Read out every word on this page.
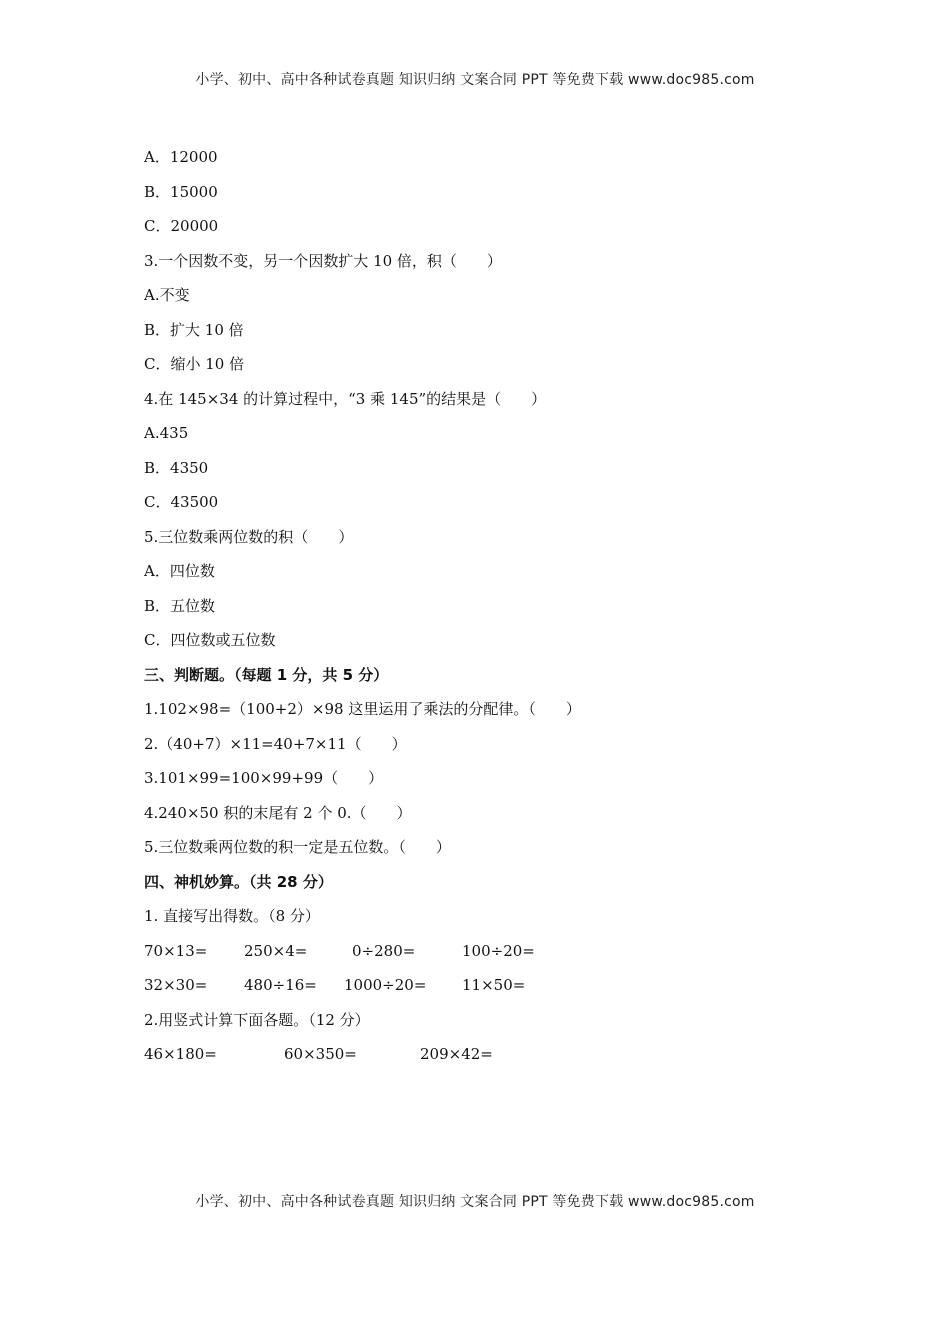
小学、初中、高中各种试卷真题 知识归纳 文案合同 PPT 等免费下载 www.doc985.com
A．12000
B．15000
C．20000
3.一个因数不变，另一个因数扩大 10 倍，积（　　）
A.不变
B．扩大 10 倍
C．缩小 10 倍
4.在 145×34 的计算过程中，“3 乘 145”的结果是（　　）
A.435
B．4350
C．43500
5.三位数乘两位数的积（　　）
A．四位数
B．五位数
C．四位数或五位数
三、判断题。（每题 1 分，共 5 分）
1.102×98=（100+2）×98 这里运用了乘法的分配律。（　　）
2.（40+7）×11=40+7×11（　　）
3.101×99=100×99+99（　　）
4.240×50 积的末尾有 2 个 0.（　　）
5.三位数乘两位数的积一定是五位数。（　　）
四、神机妙算。（共 28 分）
1. 直接写出得数。（8 分）
70×13= 250×4=	0÷280=	100÷20=
32×30= 480÷16= 1000÷20= 11×50=
2.用竖式计算下面各题。（12 分）
46×180=	60×350=	209×42=
小学、初中、高中各种试卷真题 知识归纳 文案合同 PPT 等免费下载 www.doc985.com
